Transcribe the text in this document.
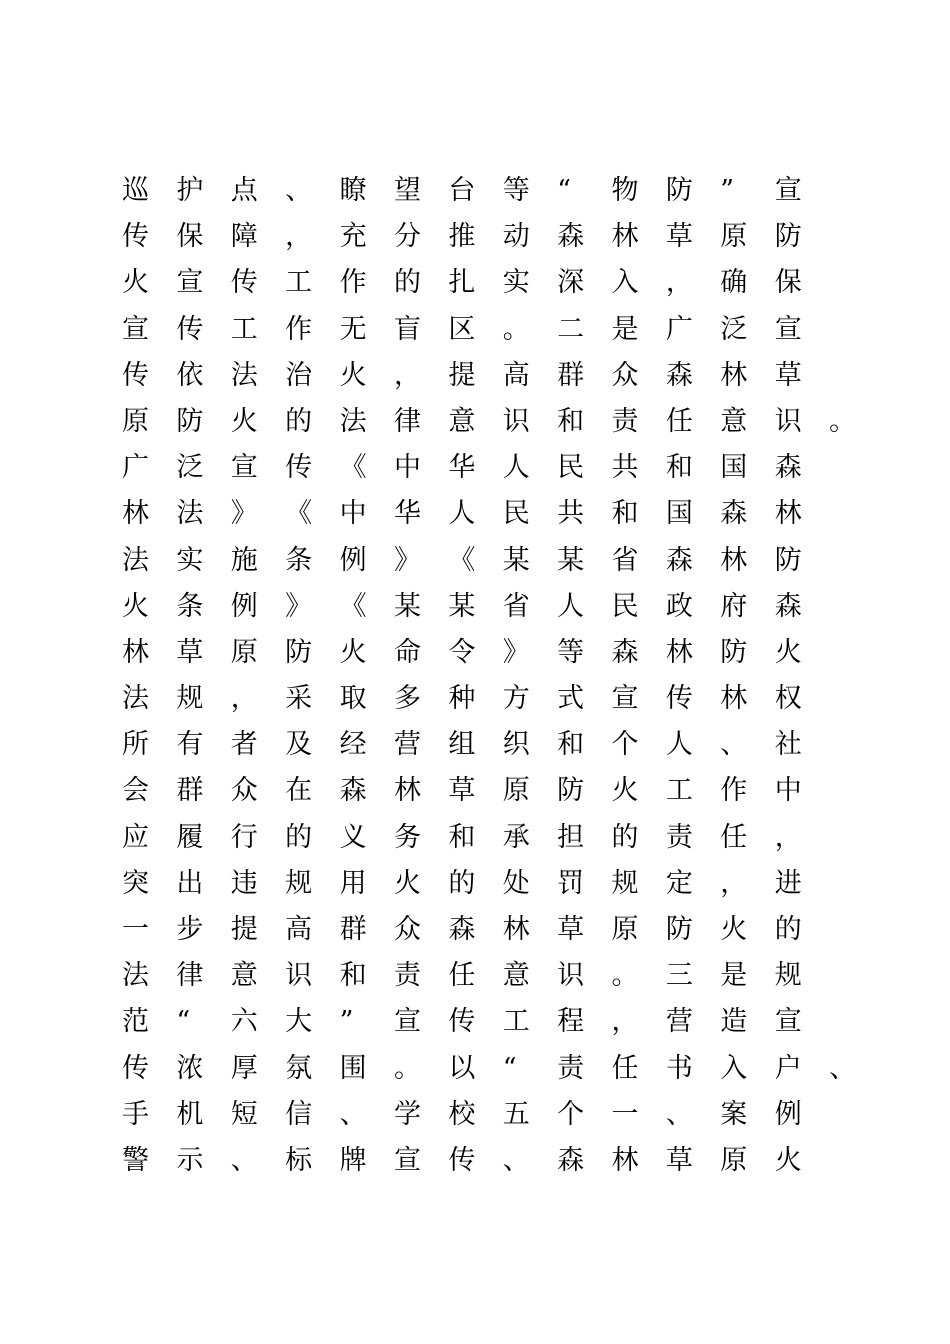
巡	护	点	、	瞭	望	台	等	“	物	防	”	宣
传	保	障	，	充	分	推	动	森	林	草	原	防
火	宣	传	工	作	的	扎	实	深	入	，	确	保
宣	传	工	作	无	盲	区	。	二	是	广	泛	宣
传	依	法	治	火	，	提	高	群	众	森	林	草
原	防	火	的	法	律	意	识	和	责	任	意	识	。
广	泛	宣	传	《	中	华	人	民	共	和	国	森
林	法	》	《	中	华	人	民	共	和	国	森	林
法	实	施	条	例	》	《	某	某	省	森	林	防
火	条	例	》	《	某	某	省	人	民	政	府	森
林	草	原	防	火	命	令	》	等	森	林	防	火
法	规	，	采	取	多	种	方	式	宣	传	林	权
所	有	者	及	经	营	组	织	和	个	人	、	社
会	群	众	在	森	林	草	原	防	火	工	作	中
应	履	行	的	义	务	和	承	担	的	责	任	，
突	出	违	规	用	火	的	处	罚	规	定	，	进
一	步	提	高	群	众	森	林	草	原	防	火	的
法	律	意	识	和	责	任	意	识	。	三	是	规
范	“	六	大	”	宣	传	工	程	，	营	造	宣
传	浓	厚	氛	围	。	以	“	责	任	书	入	户	、
手	机	短	信	、	学	校	五	个	一	、	案	例
警	示	、	标	牌	宣	传	、	森	林	草	原	火
